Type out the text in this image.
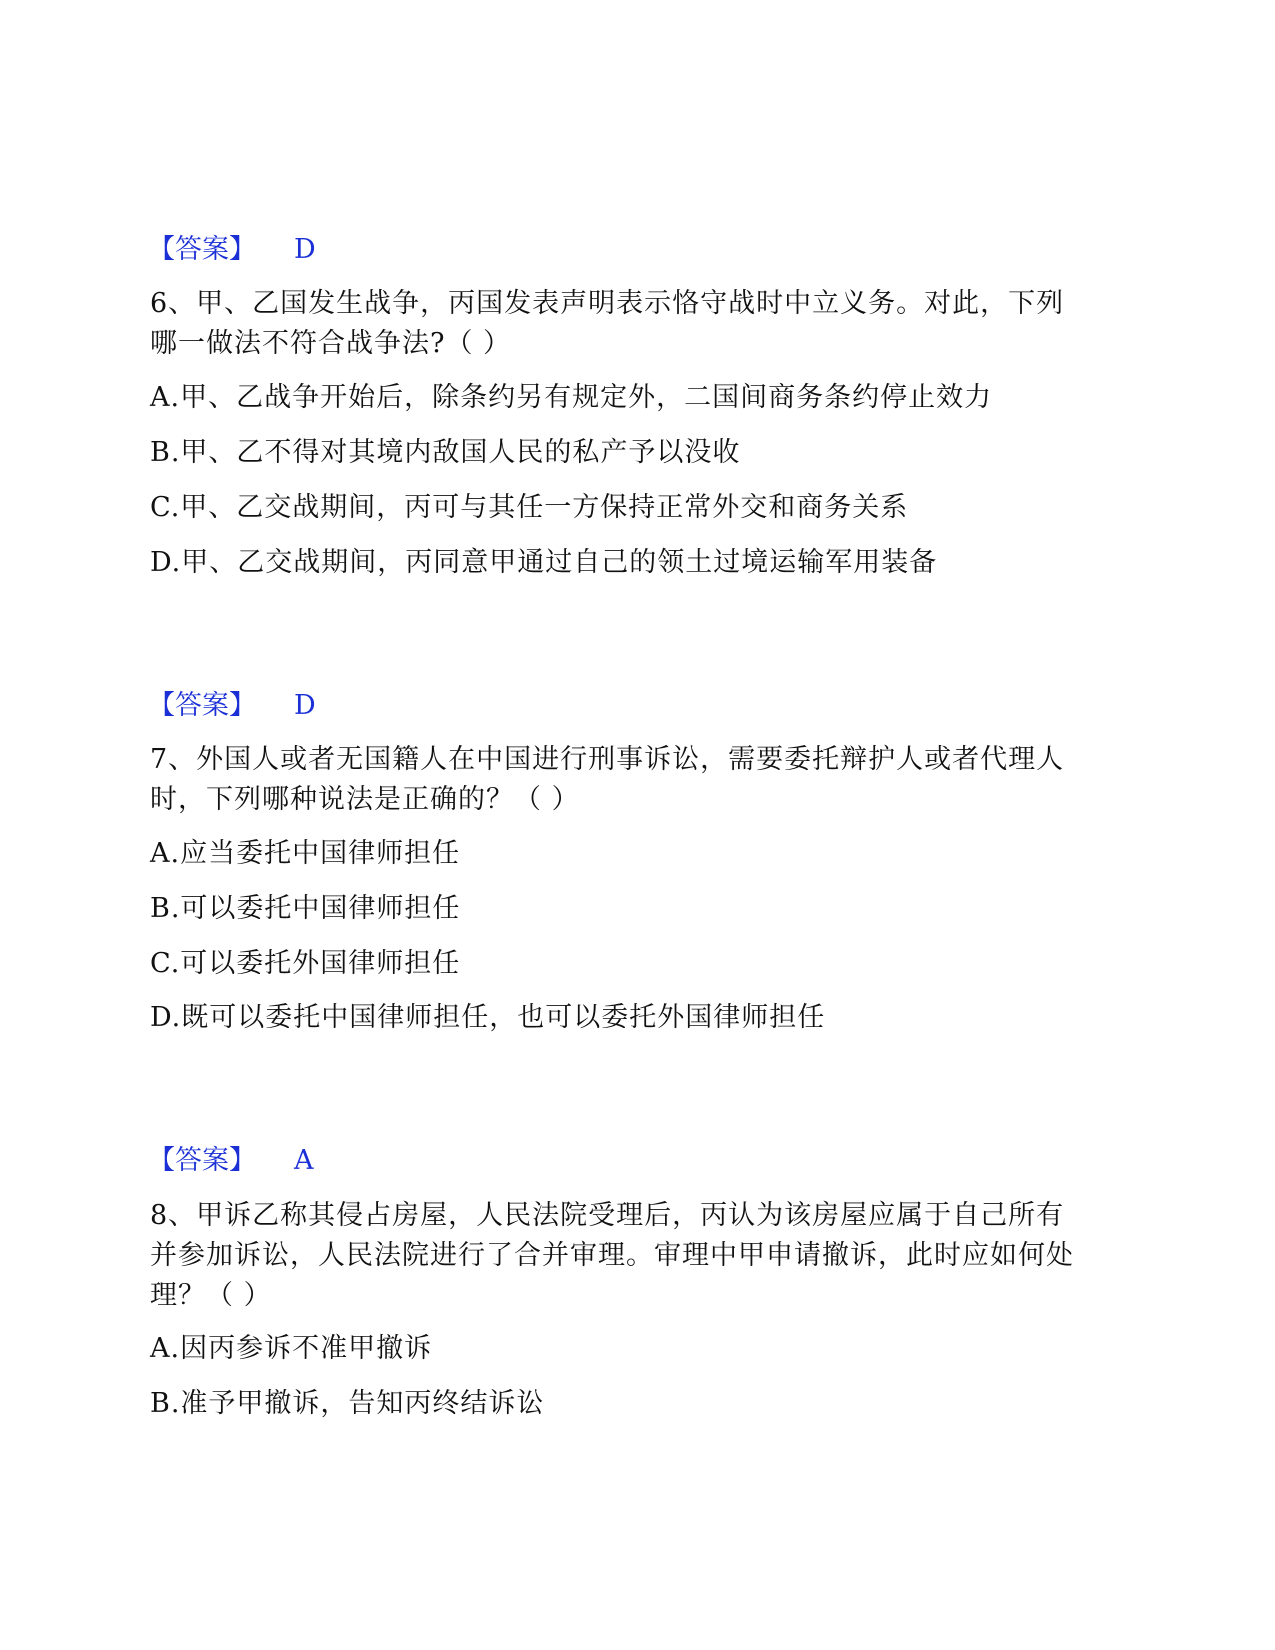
【答案】 D
6、甲、乙国发生战争，丙国发表声明表示恪守战时中立义务。对此，下列
哪一做法不符合战争法?（ ）
A.甲、乙战争开始后，除条约另有规定外，二国间商务条约停止效力
B.甲、乙不得对其境内敌国人民的私产予以没收
C.甲、乙交战期间，丙可与其任一方保持正常外交和商务关系
D.甲、乙交战期间，丙同意甲通过自己的领土过境运输军用装备
【答案】 D
7、外国人或者无国籍人在中国进行刑事诉讼，需要委托辩护人或者代理人
时，下列哪种说法是正确的？（ ）
A.应当委托中国律师担任
B.可以委托中国律师担任
C.可以委托外国律师担任
D.既可以委托中国律师担任，也可以委托外国律师担任
【答案】 A
8、甲诉乙称其侵占房屋，人民法院受理后，丙认为该房屋应属于自己所有
并参加诉讼，人民法院进行了合并审理。审理中甲申请撤诉，此时应如何处
理？（ ）
A.因丙参诉不准甲撤诉
B.准予甲撤诉，告知丙终结诉讼
